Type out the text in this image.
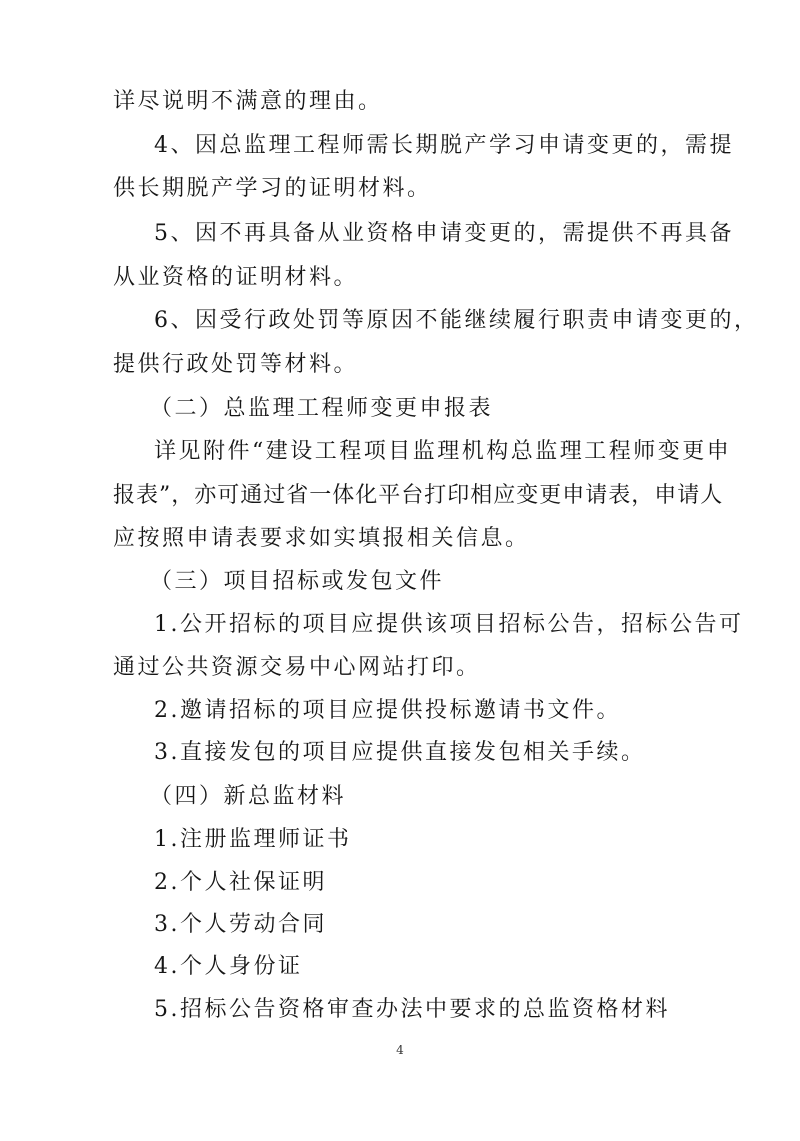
详尽说明不满意的理由。
4、因总监理工程师需长期脱产学习申请变更的，需提
供长期脱产学习的证明材料。
5、因不再具备从业资格申请变更的，需提供不再具备
从业资格的证明材料。
6、因受行政处罚等原因不能继续履行职责申请变更的，
提供行政处罚等材料。
（二）总监理工程师变更申报表
详见附件“建设工程项目监理机构总监理工程师变更申
报表”，亦可通过省一体化平台打印相应变更申请表，申请人
应按照申请表要求如实填报相关信息。
（三）项目招标或发包文件
1.公开招标的项目应提供该项目招标公告，招标公告可
通过公共资源交易中心网站打印。
2.邀请招标的项目应提供投标邀请书文件。
3.直接发包的项目应提供直接发包相关手续。
（四）新总监材料
1.注册监理师证书
2.个人社保证明
3.个人劳动合同
4.个人身份证
5.招标公告资格审查办法中要求的总监资格材料
4
